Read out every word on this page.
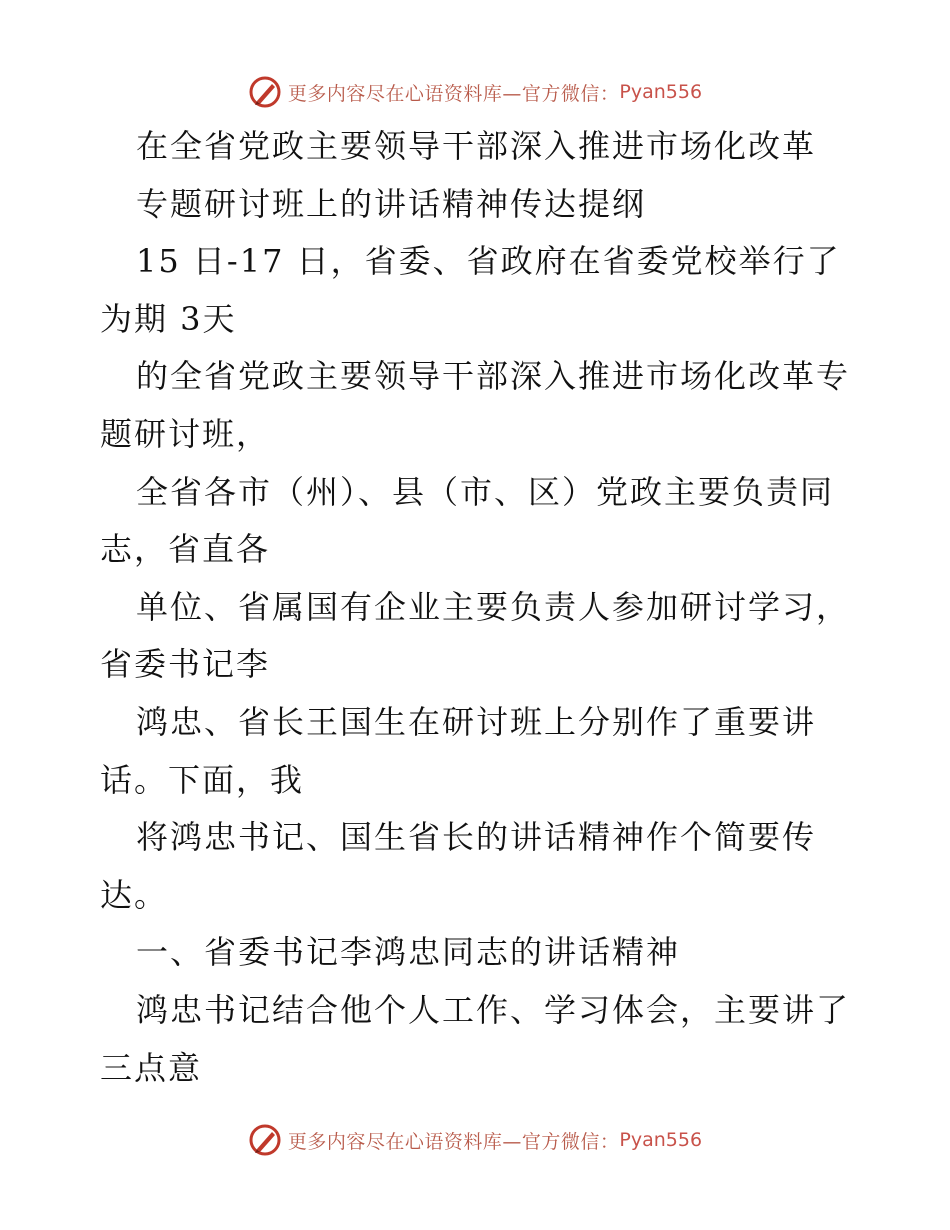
更多内容尽在心语资料库—官方微信： Pyan556

在全省党政主要领导干部深入推进市场化改革

专题研讨班上的讲话精神传达提纲

15 日-17 日，省委、省政府在省委党校举行了

为期 3天

的全省党政主要领导干部深入推进市场化改革专

题研讨班，

全省各市（州）、县（市、区）党政主要负责同

志，省直各

单位、省属国有企业主要负责人参加研讨学习，

省委书记李

鸿忠、省长王国生在研讨班上分别作了重要讲

话。下面，我

将鸿忠书记、国生省长的讲话精神作个简要传

达。

一、省委书记李鸿忠同志的讲话精神

鸿忠书记结合他个人工作、学习体会，主要讲了

三点意

更多内容尽在心语资料库—官方微信： Pyan556
